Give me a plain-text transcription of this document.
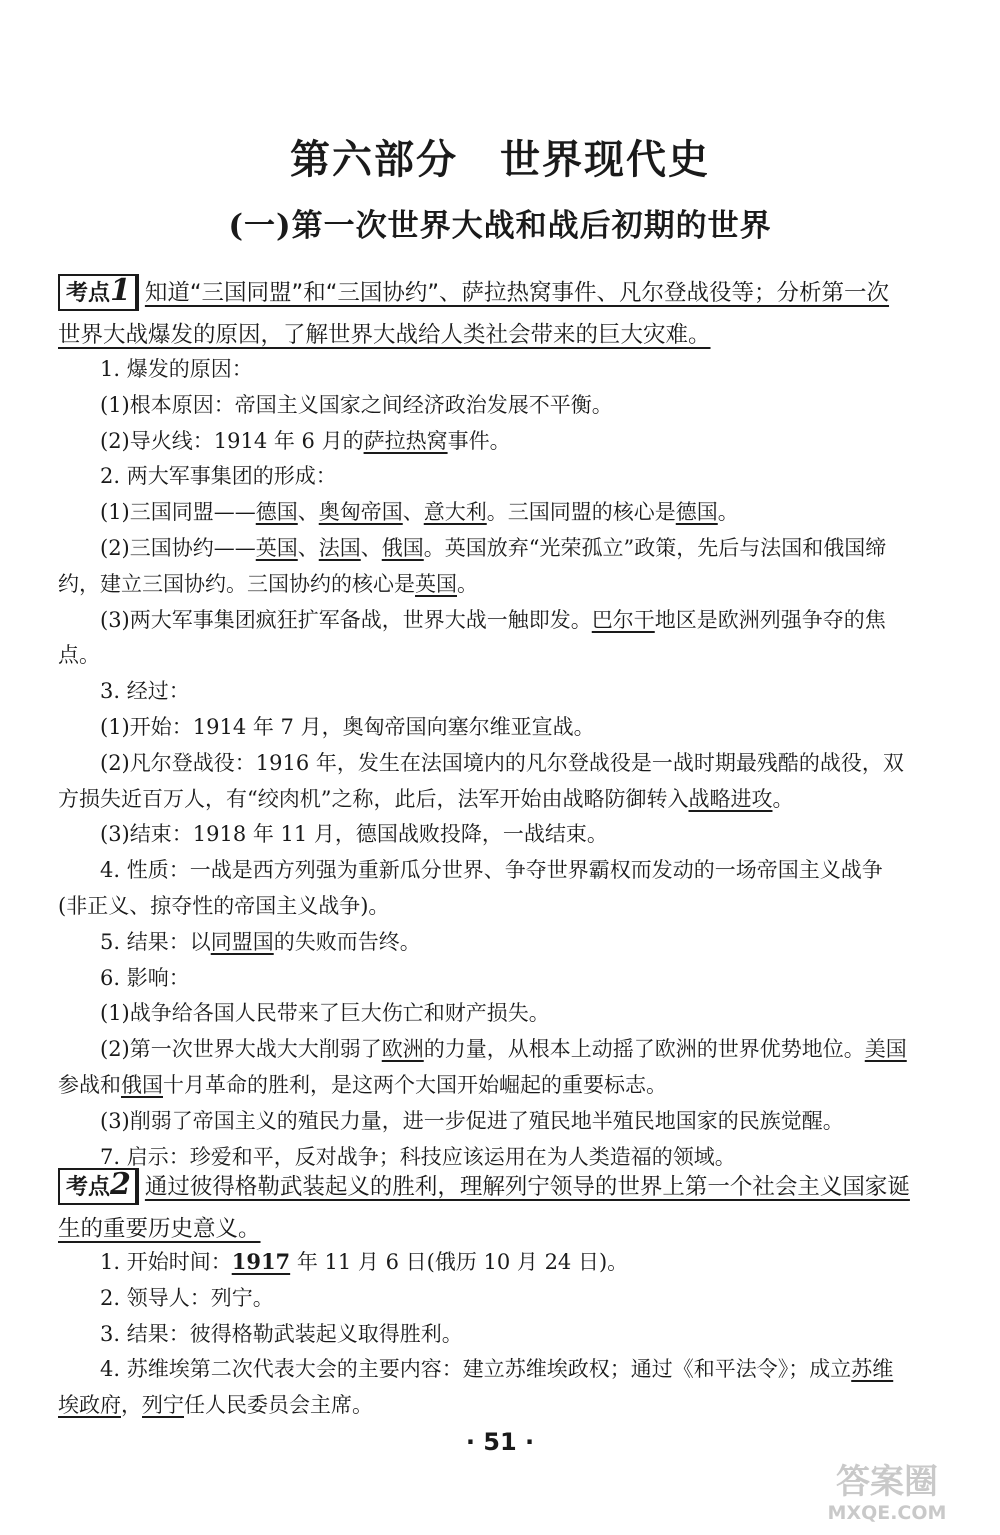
第六部分　世界现代史
(一)第一次世界大战和战后初期的世界
考点1 知道“三国同盟”和“三国协约”、萨拉热窝事件、凡尔登战役等；分析第一次世界大战爆发的原因，了解世界大战给人类社会带来的巨大灾难。

1. 爆发的原因：

(1)根本原因：帝国主义国家之间经济政治发展不平衡。

(2)导火线：1914 年 6 月的萨拉热窝事件。

2. 两大军事集团的形成：

(1)三国同盟——德国、奥匈帝国、意大利。三国同盟的核心是德国。

(2)三国协约——英国、法国、俄国。英国放弃“光荣孤立”政策，先后与法国和俄国缔约，建立三国协约。三国协约的核心是英国。

(3)两大军事集团疯狂扩军备战，世界大战一触即发。巴尔干地区是欧洲列强争夺的焦点。

3. 经过：

(1)开始：1914 年 7 月，奥匈帝国向塞尔维亚宣战。

(2)凡尔登战役：1916 年，发生在法国境内的凡尔登战役是一战时期最残酷的战役，双方损失近百万人，有“绞肉机”之称，此后，法军开始由战略防御转入战略进攻。

(3)结束：1918 年 11 月，德国战败投降，一战结束。

4. 性质：一战是西方列强为重新瓜分世界、争夺世界霸权而发动的一场帝国主义战争(非正义、掠夺性的帝国主义战争)。

5. 结果：以同盟国的失败而告终。

6. 影响：

(1)战争给各国人民带来了巨大伤亡和财产损失。

(2)第一次世界大战大大削弱了欧洲的力量，从根本上动摇了欧洲的世界优势地位。美国参战和俄国十月革命的胜利，是这两个大国开始崛起的重要标志。

(3)削弱了帝国主义的殖民力量，进一步促进了殖民地半殖民地国家的民族觉醒。

7. 启示：珍爱和平，反对战争；科技应该运用在为人类造福的领域。

考点2 通过彼得格勒武装起义的胜利，理解列宁领导的世界上第一个社会主义国家诞生的重要历史意义。

1. 开始时间：1917 年 11 月 6 日(俄历 10 月 24 日)。

2. 领导人：列宁。

3. 结果：彼得格勒武装起义取得胜利。

4. 苏维埃第二次代表大会的主要内容：建立苏维埃政权；通过《和平法令》；成立苏维埃政府，列宁任人民委员会主席。

· 51 ·
答案圈
MXQE.COM
